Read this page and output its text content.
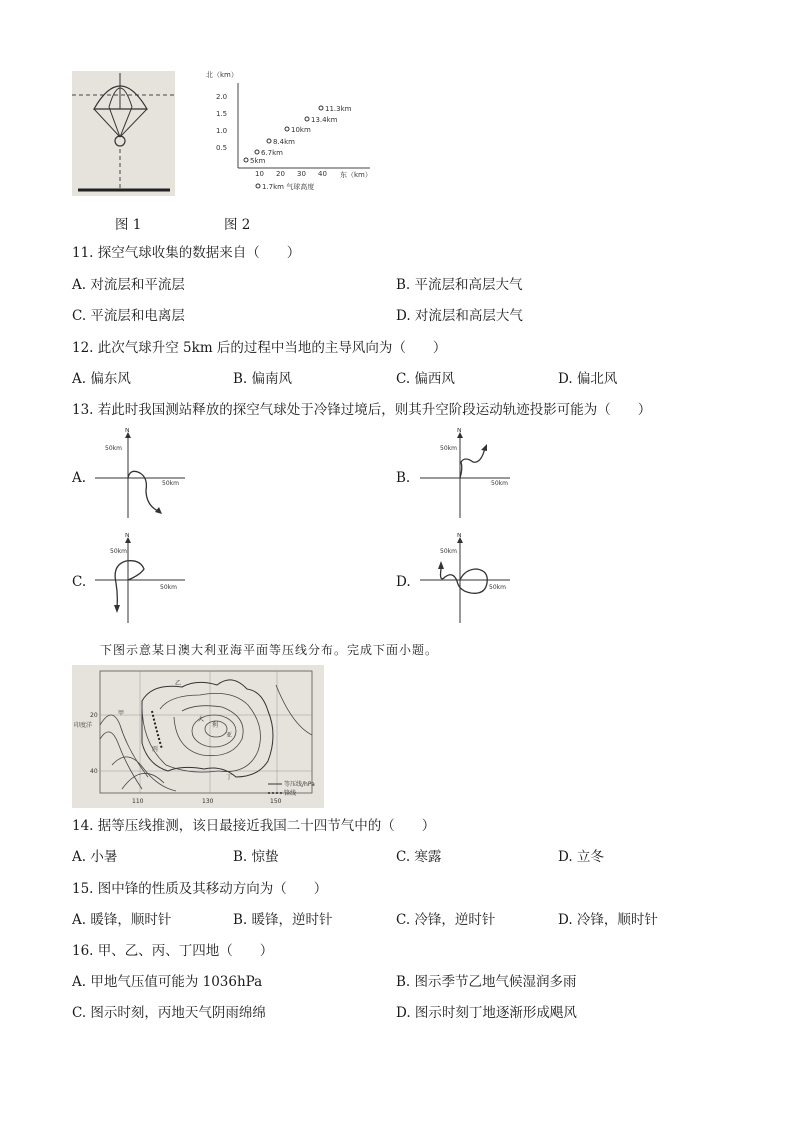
图 1
北（km）
东（km）
2.0
1.5
1.0
0.5
10 20 30 40
11.3km
13.4km
10km
8.4km
6.7km
5km
1.7km 气球高度
图 2
11. 探空气球收集的数据来自（　　）
A. 对流层和平流层	B. 平流层和高层大气
C. 平流层和电离层	D. 对流层和高层大气
12. 此次气球升空 5km 后的过程中当地的主导风向为（　　）
A. 偏东风	B. 偏南风	C. 偏西风	D. 偏北风
13. 若此时我国测站释放的探空气球处于冷锋过境后，则其升空阶段运动轨迹投影可能为（　　）
A.
N
50km
50km	B.
N
50km
50km
C.
N
50km
50km	D.
N
50km
50km
下图示意某日澳大利亚海平面等压线分布。完成下面小题。
印度洋
甲
乙
丙
丁
大
利
亚
20
40
110	130	150
等压线/hPa
锋线
14. 据等压线推测，该日最接近我国二十四节气中的（　　）
A. 小暑	B. 惊蛰	C. 寒露	D. 立冬
15. 图中锋的性质及其移动方向为（　　）
A. 暖锋，顺时针	B. 暖锋，逆时针	C. 冷锋，逆时针	D. 冷锋，顺时针
16. 甲、乙、丙、丁四地（　　）
A. 甲地气压值可能为 1036hPa	B. 图示季节乙地气候湿润多雨
C. 图示时刻，丙地天气阴雨绵绵	D. 图示时刻丁地逐渐形成飓风
